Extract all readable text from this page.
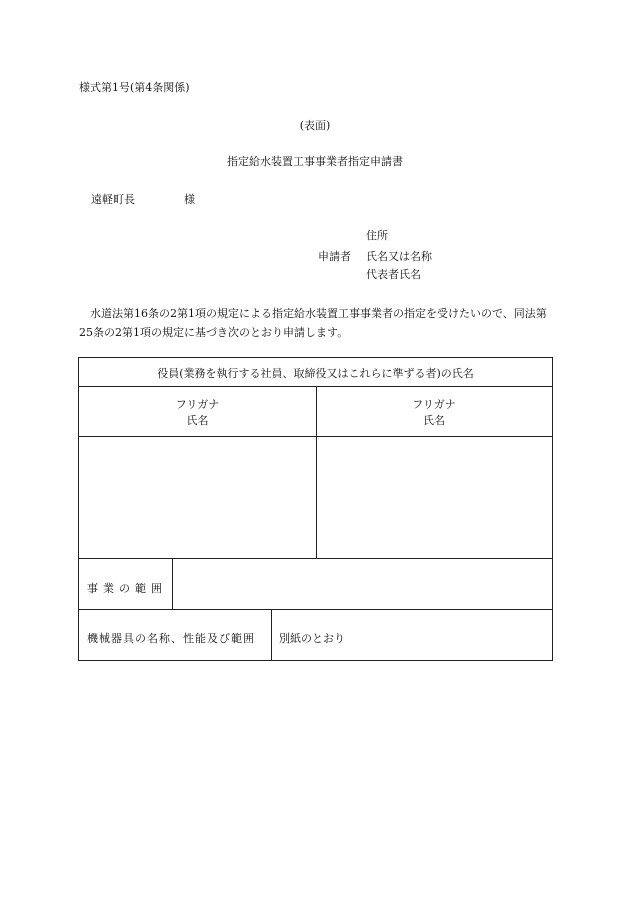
様式第1号(第4条関係)
(表面)
指定給水装置工事事業者指定申請書
遠軽町長	様
申請者
住所
氏名又は名称
代表者氏名
水道法第16条の2第1項の規定による指定給水装置工事事業者の指定を受けたいので、同法第25条の2第1項の規定に基づき次のとおり申請します。
役員(業務を執行する社員、取締役又はこれらに準ずる者)の氏名
フリガナ
氏名
フリガナ
氏名
事業の範囲
機械器具の名称、性能及び範囲 別紙のとおり
